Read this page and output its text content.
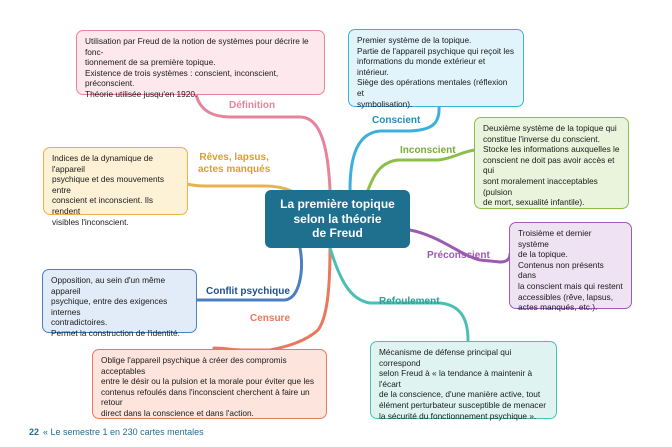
La première topique
selon la théorie
de Freud
Utilisation par Freud de la notion de systèmes pour décrire le fonc-
tionnement de sa première topique.
Existence de trois systèmes : conscient, inconscient, préconscient.
Théorie utilisée jusqu'en 1920.
Définition
Indices de la dynamique de l'appareil
psychique et des mouvements entre
conscient et inconscient. Ils rendent
visibles l'inconscient.
Rêves, lapsus,
actes manqués
Opposition, au sein d'un même appareil
psychique, entre des exigences internes
contradictoires.
Permet la construction de l'identité.
Conflit psychique
Censure
Oblige l'appareil psychique à créer des compromis acceptables
entre le désir ou la pulsion et la morale pour éviter que les
contenus refoulés dans l'inconscient cherchent à faire un retour
direct dans la conscience et dans l'action.
Premier système de la topique.
Partie de l'appareil psychique qui reçoit les
informations du monde extérieur et intérieur.
Siège des opérations mentales (réflexion et
symbolisation).
Conscient
Inconscient
Deuxième système de la topique qui
constitue l'inverse du conscient.
Stocke les informations auxquelles le
conscient ne doit pas avoir accès et qui
sont moralement inacceptables (pulsion
de mort, sexualité infantile).
Préconscient
Troisième et dernier système
de la topique.
Contenus non présents dans
la conscient mais qui restent
accessibles (rêve, lapsus,
actes manqués, etc.).
Refoulement
Mécanisme de défense principal qui correspond
selon Freud à « la tendance à maintenir à l'écart
de la conscience, d'une manière active, tout
élément perturbateur susceptible de menacer
la sécurité du fonctionnement psychique ».
22 « Le semestre 1 en 230 cartes mentales
